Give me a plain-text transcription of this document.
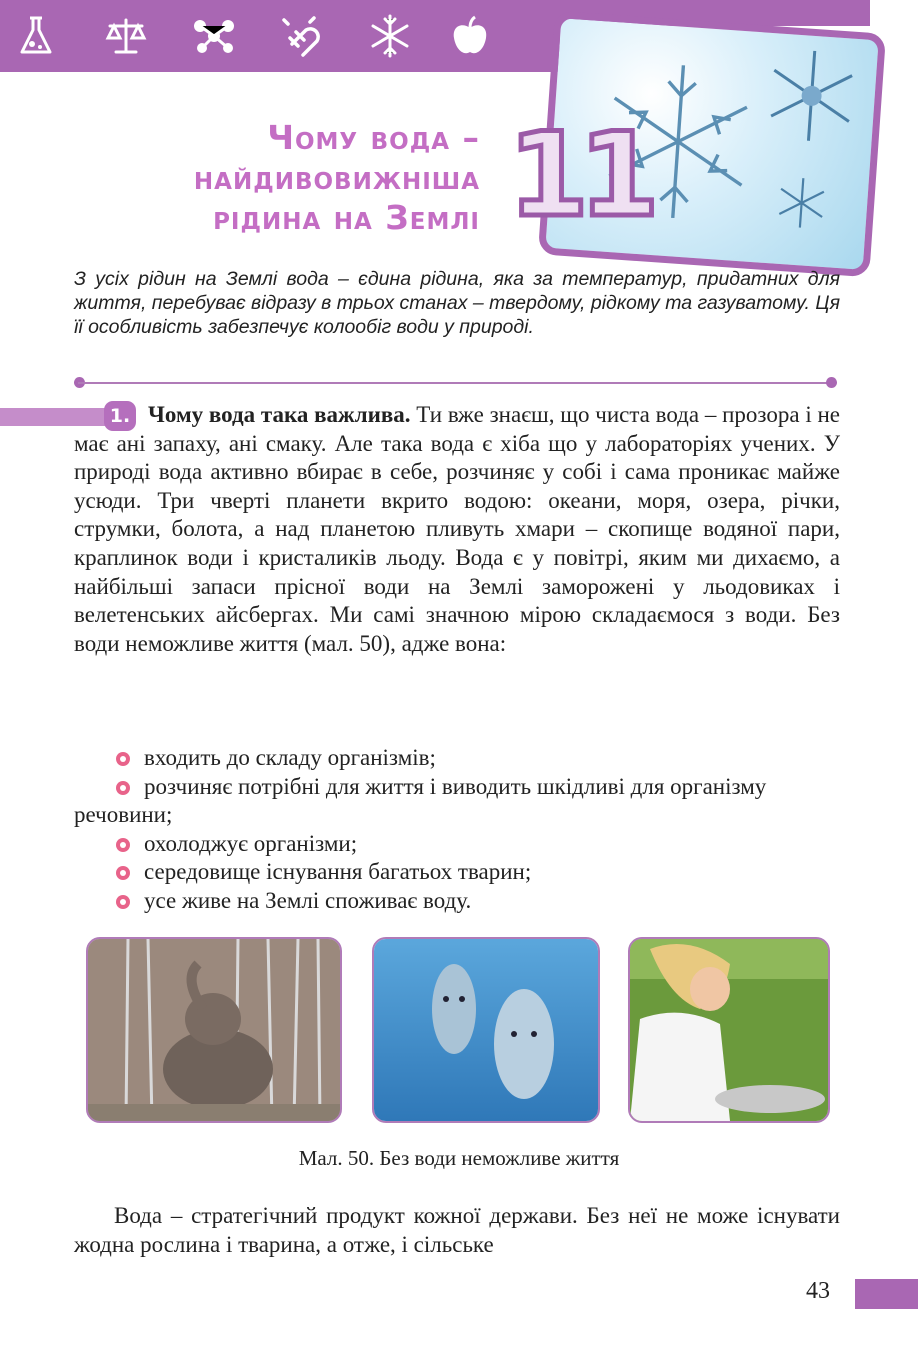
11
Чому вода –
найдивовижніша
рідина на Землі
З усіх рідин на Землі вода – єдина рідина, яка за температур, придатних для життя, перебуває відразу в трьох станах – твердому, рідкому та газуватому. Ця її особливість забезпечує колообіг води у природі.
1. Чому вода така важлива. Ти вже знаєш, що чиста вода – прозора і не має ані запаху, ані смаку. Але така вода є хіба що у лабораторіях учених. У природі вода активно вбирає в себе, розчиняє у собі і сама проникає майже усюди. Три чверті планети вкрито водою: океани, моря, озера, річки, струмки, болота, а над планетою пливуть хмари – скопище водяної пари, краплинок води і кристаликів льоду. Вода є у повітрі, яким ми дихаємо, а найбільші запаси прісної води на Землі заморожені у льодовиках і велетенських айсбергах. Ми самі значною мірою складаємося з води. Без води неможливе життя (мал. 50), адже вона:
входить до складу організмів;
розчиняє потрібні для життя і виводить шкідливі для організму речовини;
охолоджує організми;
середовище існування багатьох тварин;
усе живе на Землі споживає воду.
Мал. 50. Без води неможливе життя
Вода – стратегічний продукт кожної держави. Без неї не може існувати жодна рослина і тварина, а отже, і сільське
43
